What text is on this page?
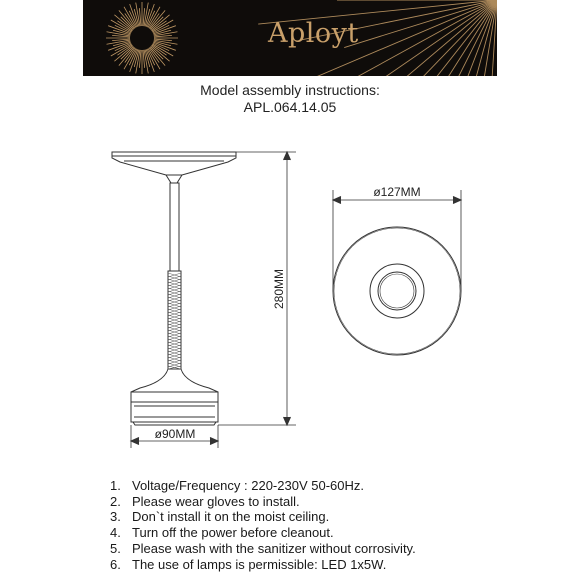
Aployt
Model assembly instructions:
APL.064.14.05
280MM
ø90MM
ø127MM
1. Voltage/Frequency : 220-230V 50-60Hz.
2. Please wear gloves to install.
3. Don`t install it on the moist ceiling.
4. Turn off the power before cleanout.
5. Please wash with the sanitizer without corrosivity.
6. The use of lamps is permissible: LED 1x5W.
